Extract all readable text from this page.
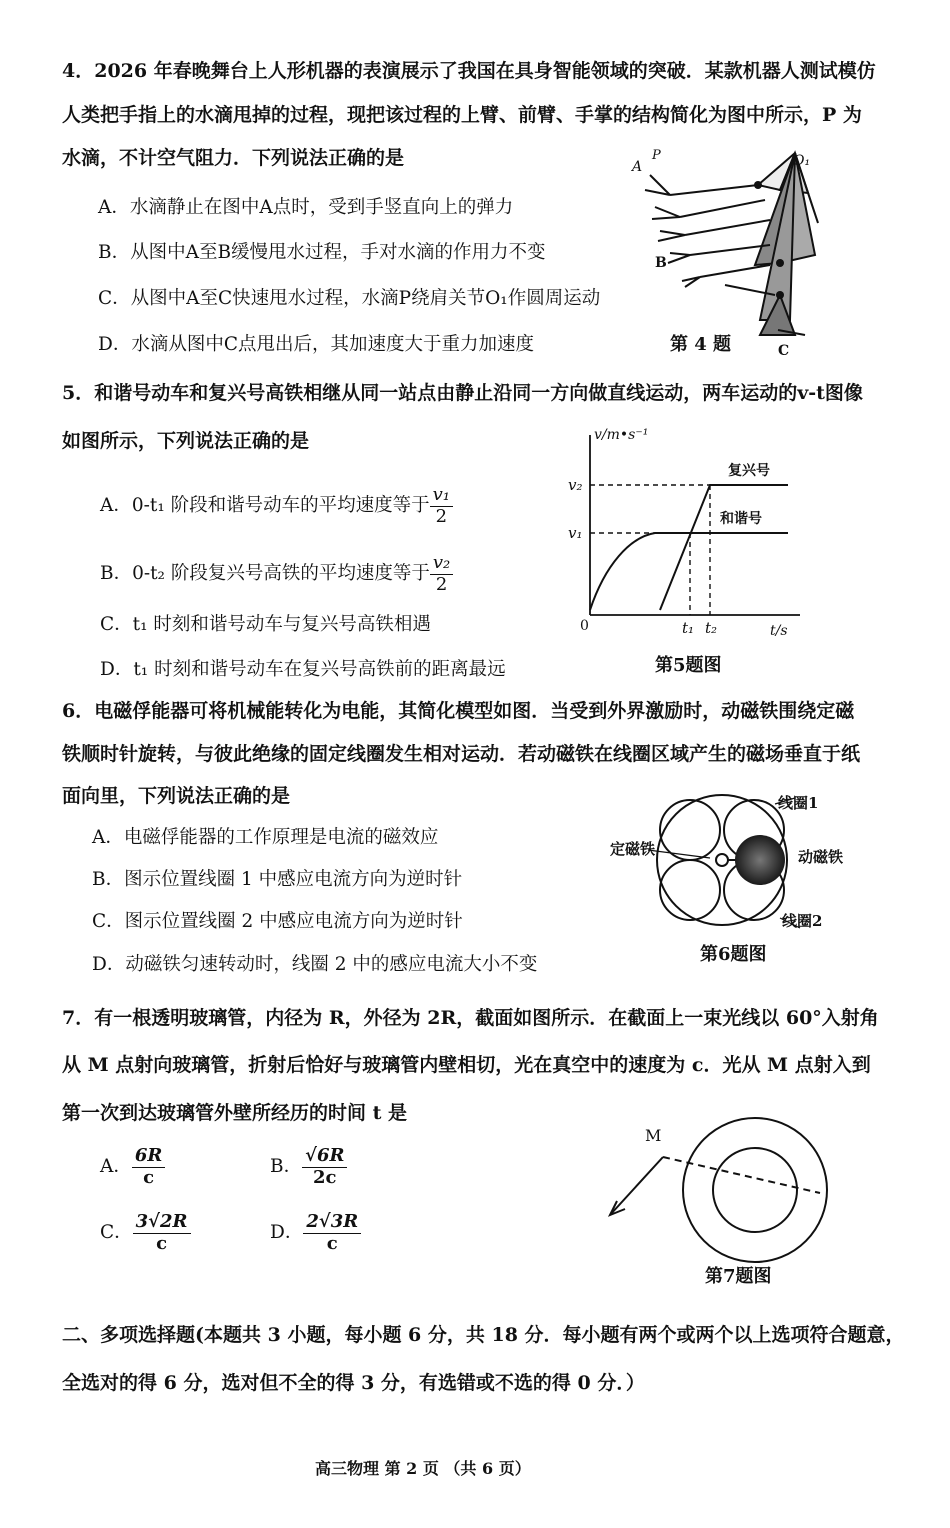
4．2026 年春晚舞台上人形机器的表演展示了我国在具身智能领域的突破．某款机器人测试模仿
人类把手指上的水滴甩掉的过程，现把该过程的上臂、前臂、手掌的结构简化为图中所示，P 为
水滴，不计空气阻力．下列说法正确的是
A．水滴静止在图中A点时，受到手竖直向上的弹力
B．从图中A至B缓慢甩水过程，手对水滴的作用力不变
C．从图中A至C快速甩水过程，水滴P绕肩关节O₁作圆周运动
D．水滴从图中C点甩出后，其加速度大于重力加速度
A
P	O₁
B
C
第 4 题
5．和谐号动车和复兴号高铁相继从同一站点由静止沿同一方向做直线运动，两车运动的v-t图像
如图所示，下列说法正确的是
A．0-t₁ 阶段和谐号动车的平均速度等于 $\frac{\text{v₁}}{2}$
B．0-t₂ 阶段复兴号高铁的平均速度等于 $\frac{\text{v₂}}{2}$
C．t₁ 时刻和谐号动车与复兴号高铁相遇
D．t₁ 时刻和谐号动车在复兴号高铁前的距离最远
v/m•s⁻¹
t/s
0
v₂
v₁
t₁ t₂
复兴号
和谐号
第5题图
6．电磁俘能器可将机械能转化为电能，其简化模型如图．当受到外界激励时，动磁铁围绕定磁
铁顺时针旋转，与彼此绝缘的固定线圈发生相对运动．若动磁铁在线圈区域产生的磁场垂直于纸
面向里，下列说法正确的是
A．电磁俘能器的工作原理是电流的磁效应
B．图示位置线圈 1 中感应电流方向为逆时针
C．图示位置线圈 2 中感应电流方向为逆时针
D．动磁铁匀速转动时，线圈 2 中的感应电流大小不变
线圈1
定磁铁	动磁铁
线圈2
第6题图
7．有一根透明玻璃管，内径为 R，外径为 2R，截面如图所示．在截面上一束光线以 60°入射角
从 M 点射向玻璃管，折射后恰好与玻璃管内壁相切，光在真空中的速度为 c．光从 M 点射入到
第一次到达玻璃管外壁所经历的时间 t 是
A． $\frac{6R}{c}$	B． $\frac{√6R}{2c}$
C． $\frac{3√2R}{c}$	D． $\frac{2√3R}{c}$
M
第7题图
二、多项选择题(本题共 3 小题，每小题 6 分，共 18 分．每小题有两个或两个以上选项符合题意，
全选对的得 6 分，选对但不全的得 3 分，有选错或不选的得 0 分．）
高三物理 第 2 页 （共 6 页）
